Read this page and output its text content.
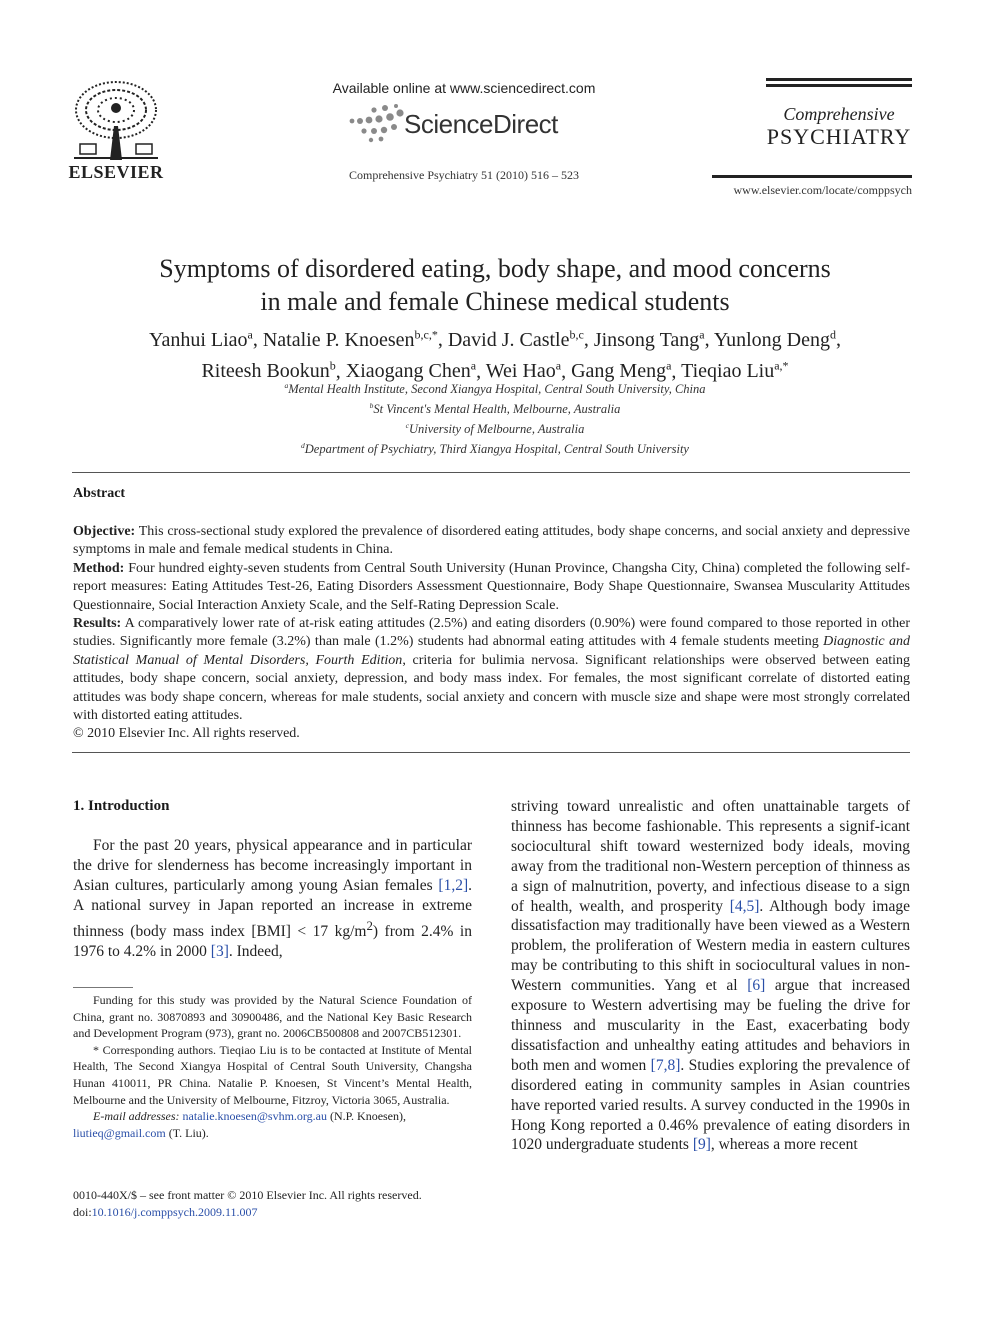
ELSEVIER
Available online at www.sciencedirect.com
ScienceDirect
Comprehensive Psychiatry 51 (2010) 516 – 523
Comprehensive
PSYCHIATRY
www.elsevier.com/locate/comppsych
Symptoms of disordered eating, body shape, and mood concerns
in male and female Chinese medical students
Yanhui Liao$^a$, Natalie P. Knoesen$^{b,c,*}$, David J. Castle$^{b,c}$, Jinsong Tang$^a$, Yunlong Deng$^d$,
Riteesh Bookun$^b$, Xiaogang Chen$^a$, Wei Hao$^a$, Gang Meng$^a$, Tieqiao Liu$^{a,*}$
$^a$Mental Health Institute, Second Xiangya Hospital, Central South University, China
$^b$St Vincent's Mental Health, Melbourne, Australia
$^c$University of Melbourne, Australia
$^d$Department of Psychiatry, Third Xiangya Hospital, Central South University
Abstract

Objective: This cross-sectional study explored the prevalence of disordered eating attitudes, body shape concerns, and social anxiety and depressive symptoms in male and female medical students in China.

Method: Four hundred eighty-seven students from Central South University (Hunan Province, Changsha City, China) completed the following self-report measures: Eating Attitudes Test-26, Eating Disorders Assessment Questionnaire, Body Shape Questionnaire, Swansea Muscularity Attitudes Questionnaire, Social Interaction Anxiety Scale, and the Self-Rating Depression Scale.

Results: A comparatively lower rate of at-risk eating attitudes (2.5%) and eating disorders (0.90%) were found compared to those reported in other studies. Significantly more female (3.2%) than male (1.2%) students had abnormal eating attitudes with 4 female students meeting Diagnostic and Statistical Manual of Mental Disorders, Fourth Edition, criteria for bulimia nervosa. Significant relationships were observed between eating attitudes, body shape concern, social anxiety, depression, and body mass index. For females, the most significant correlate of distorted eating attitudes was body shape concern, whereas for male students, social anxiety and concern with muscle size and shape were most strongly correlated with distorted eating attitudes.

© 2010 Elsevier Inc. All rights reserved.

1. Introduction

For the past 20 years, physical appearance and in particular the drive for slenderness has become increasingly important in Asian cultures, particularly among young Asian females [1,2]. A national survey in Japan reported an increase in extreme thinness (body mass index [BMI] < 17 $kg/m^2$) from 2.4% in 1976 to 4.2% in 2000 [3]. Indeed,

striving toward unrealistic and often unattainable targets of thinness has become fashionable. This represents a signif-icant sociocultural shift toward westernized body ideals, moving away from the traditional non-Western perception of thinness as a sign of malnutrition, poverty, and infectious disease to a sign of health, wealth, and prosperity [4,5]. Although body image dissatisfaction may traditionally have been viewed as a Western problem, the proliferation of Western media in eastern cultures may be contributing to this shift in sociocultural values in non-Western communities. Yang et al [6] argue that increased exposure to Western advertising may be fueling the drive for thinness and muscularity in the East, exacerbating body dissatisfaction and unhealthy eating attitudes and behaviors in both men and women [7,8]. Studies exploring the prevalence of disordered eating in community samples in Asian countries have reported varied results. A survey conducted in the 1990s in Hong Kong reported a 0.46% prevalence of eating disorders in 1020 undergraduate students [9], whereas a more recent

Funding for this study was provided by the Natural Science Foundation of China, grant no. 30870893 and 30900486, and the National Key Basic Research and Development Program (973), grant no. 2006CB500808 and 2007CB512301.

* Corresponding authors. Tieqiao Liu is to be contacted at Institute of Mental Health, The Second Xiangya Hospital of Central South University, Changsha Hunan 410011, PR China. Natalie P. Knoesen, St Vincent’s Mental Health, Melbourne and the University of Melbourne, Fitzroy, Victoria 3065, Australia.

E-mail addresses: natalie.knoesen@svhm.org.au (N.P. Knoesen),
liutieq@gmail.com (T. Liu).

0010-440X/$ – see front matter © 2010 Elsevier Inc. All rights reserved.
doi:10.1016/j.comppsych.2009.11.007
